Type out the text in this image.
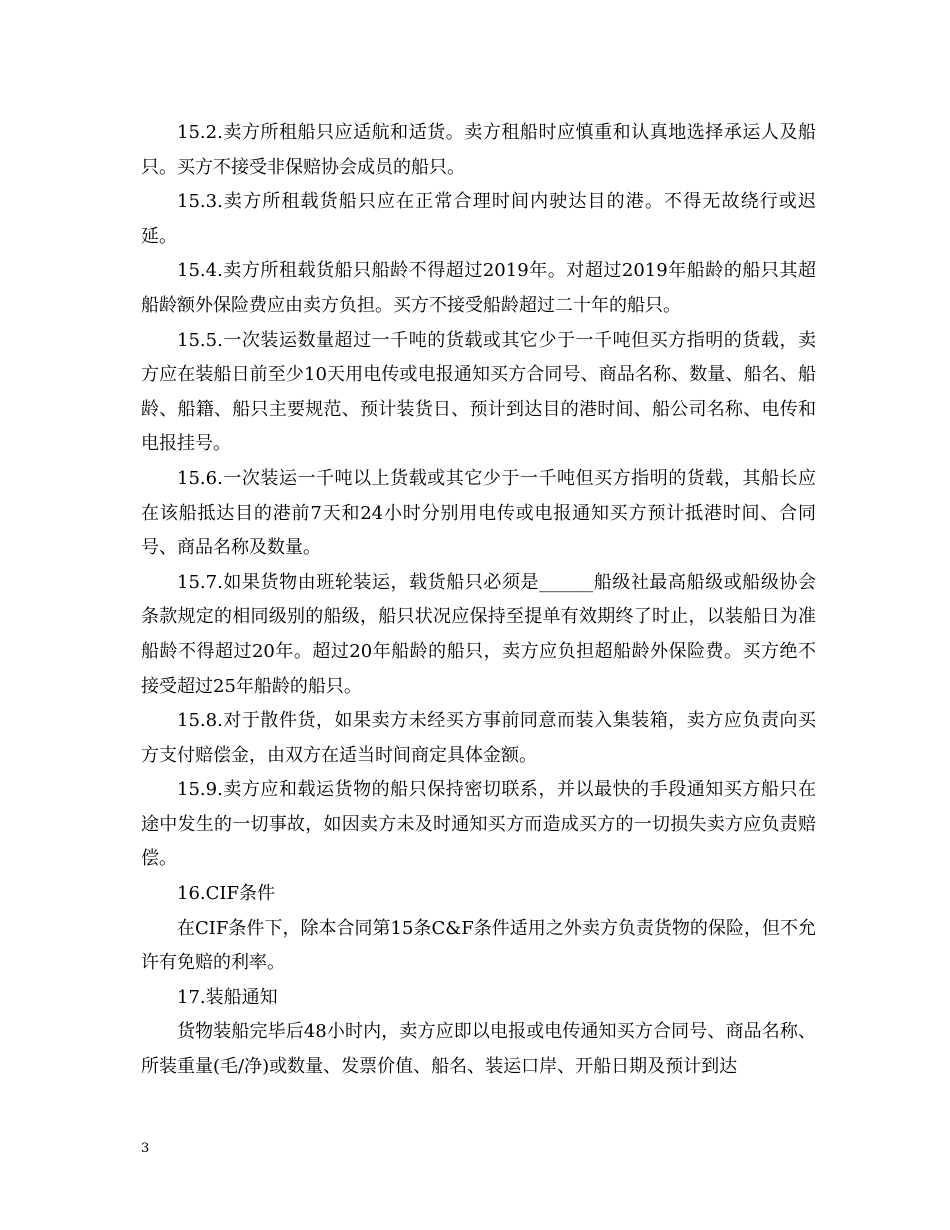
15.2.卖方所租船只应适航和适货。卖方租船时应慎重和认真地选择承运人及船只。买方不接受非保赔协会成员的船只。

15.3.卖方所租载货船只应在正常合理时间内驶达目的港。不得无故绕行或迟延。

15.4.卖方所租载货船只船龄不得超过2019年。对超过2019年船龄的船只其超船龄额外保险费应由卖方负担。买方不接受船龄超过二十年的船只。

15.5.一次装运数量超过一千吨的货载或其它少于一千吨但买方指明的货载，卖方应在装船日前至少10天用电传或电报通知买方合同号、商品名称、数量、船名、船龄、船籍、船只主要规范、预计装货日、预计到达目的港时间、船公司名称、电传和电报挂号。

15.6.一次装运一千吨以上货载或其它少于一千吨但买方指明的货载，其船长应在该船抵达目的港前7天和24小时分别用电传或电报通知买方预计抵港时间、合同号、商品名称及数量。

15.7.如果货物由班轮装运，载货船只必须是______船级社最高船级或船级协会条款规定的相同级别的船级，船只状况应保持至提单有效期终了时止，以装船日为准船龄不得超过20年。超过20年船龄的船只，卖方应负担超船龄外保险费。买方绝不接受超过25年船龄的船只。

15.8.对于散件货，如果卖方未经买方事前同意而装入集装箱，卖方应负责向买方支付赔偿金，由双方在适当时间商定具体金额。

15.9.卖方应和载运货物的船只保持密切联系，并以最快的手段通知买方船只在途中发生的一切事故，如因卖方未及时通知买方而造成买方的一切损失卖方应负责赔偿。

16.CIF条件

在CIF条件下，除本合同第15条C&F条件适用之外卖方负责货物的保险，但不允许有免赔的利率。

17.装船通知

货物装船完毕后48小时内，卖方应即以电报或电传通知买方合同号、商品名称、所装重量(毛/净)或数量、发票价值、船名、装运口岸、开船日期及预计到达

3
